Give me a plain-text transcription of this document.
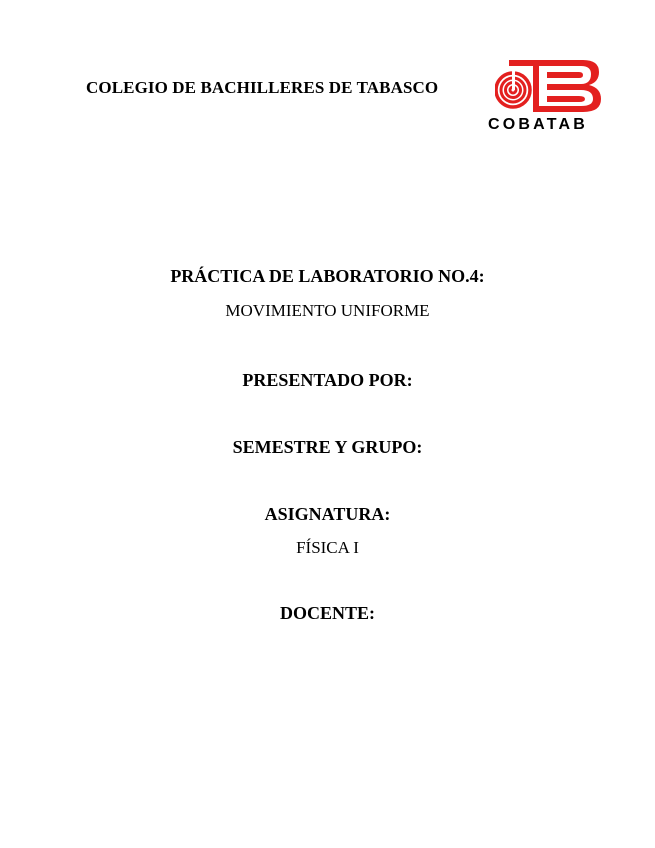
COLEGIO DE BACHILLERES DE TABASCO
COBATAB
PRÁCTICA DE LABORATORIO NO.4:
MOVIMIENTO UNIFORME
PRESENTADO POR:
SEMESTRE Y GRUPO:
ASIGNATURA:
FÍSICA I
DOCENTE:
